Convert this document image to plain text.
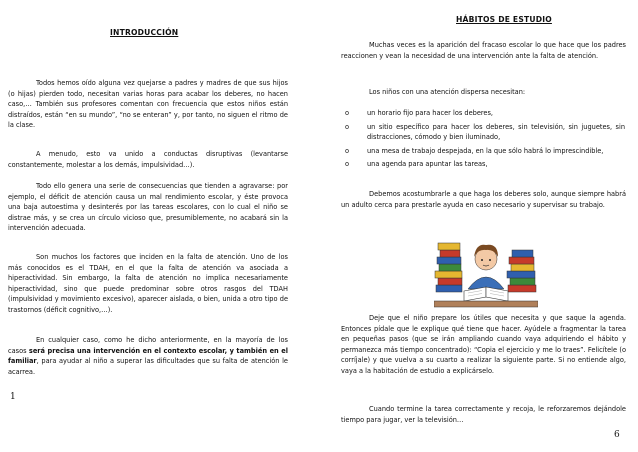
INTRODUCCIÓN

Todos hemos oído alguna vez quejarse a padres y madres de que sus hijos (o hijas) pierden todo, necesitan varias horas para acabar los deberes, no hacen caso,… También sus profesores comentan con frecuencia que estos niños están distraídos, están “en su mundo”, “no se enteran” y, por tanto, no siguen el ritmo de la clase.

A menudo, esto va unido a conductas disruptivas (levantarse constantemente, molestar a los demás, impulsividad…).

Todo ello genera una serie de consecuencias que tienden a agravarse: por ejemplo, el déficit de atención causa un mal rendimiento escolar, y éste provoca una baja autoestima y desinterés por las tareas escolares, con lo cual el niño se distrae más, y se crea un círculo vicioso que, presumiblemente, no acabará sin la intervención adecuada.

Son muchos los factores que inciden en la falta de atención. Uno de los más conocidos es el TDAH, en el que la falta de atención va asociada a hiperactividad. Sin embargo, la falta de atención no implica necesariamente hiperactividad, sino que puede predominar sobre otros rasgos del TDAH (impulsividad y movimiento excesivo), aparecer aislada, o bien, unida a otro tipo de trastornos (déficit cognitivo,…).

En cualquier caso, como he dicho anteriormente, en la mayoría de los casos será precisa una intervención en el contexto escolar, y también en el familiar, para ayudar al niño a superar las dificultades que su falta de atención le acarrea.

1
HÁBITOS DE ESTUDIO

Muchas veces es la aparición del fracaso escolar lo que hace que los padres reaccionen y vean la necesidad de una intervención ante la falta de atención.

Los niños con una atención dispersa necesitan:

o	un horario fijo para hacer los deberes,
o	un sitio específico para hacer los deberes, sin televisión, sin juguetes, sin distracciones, cómodo y bien iluminado,
o	una mesa de trabajo despejada, en la que sólo habrá lo imprescindible,
o	una agenda para apuntar las tareas,

Debemos acostumbrarle a que haga los deberes solo, aunque siempre habrá un adulto cerca para prestarle ayuda en caso necesario y supervisar su trabajo.

Deje que el niño prepare los útiles que necesita y que saque la agenda. Entonces pídale que le explique qué tiene que hacer. Ayúdele a fragmentar la tarea en pequeñas pasos (que se irán ampliando cuando vaya adquiriendo el hábito y permanezca más tiempo concentrado): “Copia el ejercicio y me lo traes”. Felicítele (o corríjale) y que vuelva a su cuarto a realizar la siguiente parte. Si no entiende algo, vaya a la habitación de estudio a explicárselo.

Cuando termine la tarea correctamente y recoja, le reforzaremos dejándole tiempo para jugar, ver la televisión…

6
